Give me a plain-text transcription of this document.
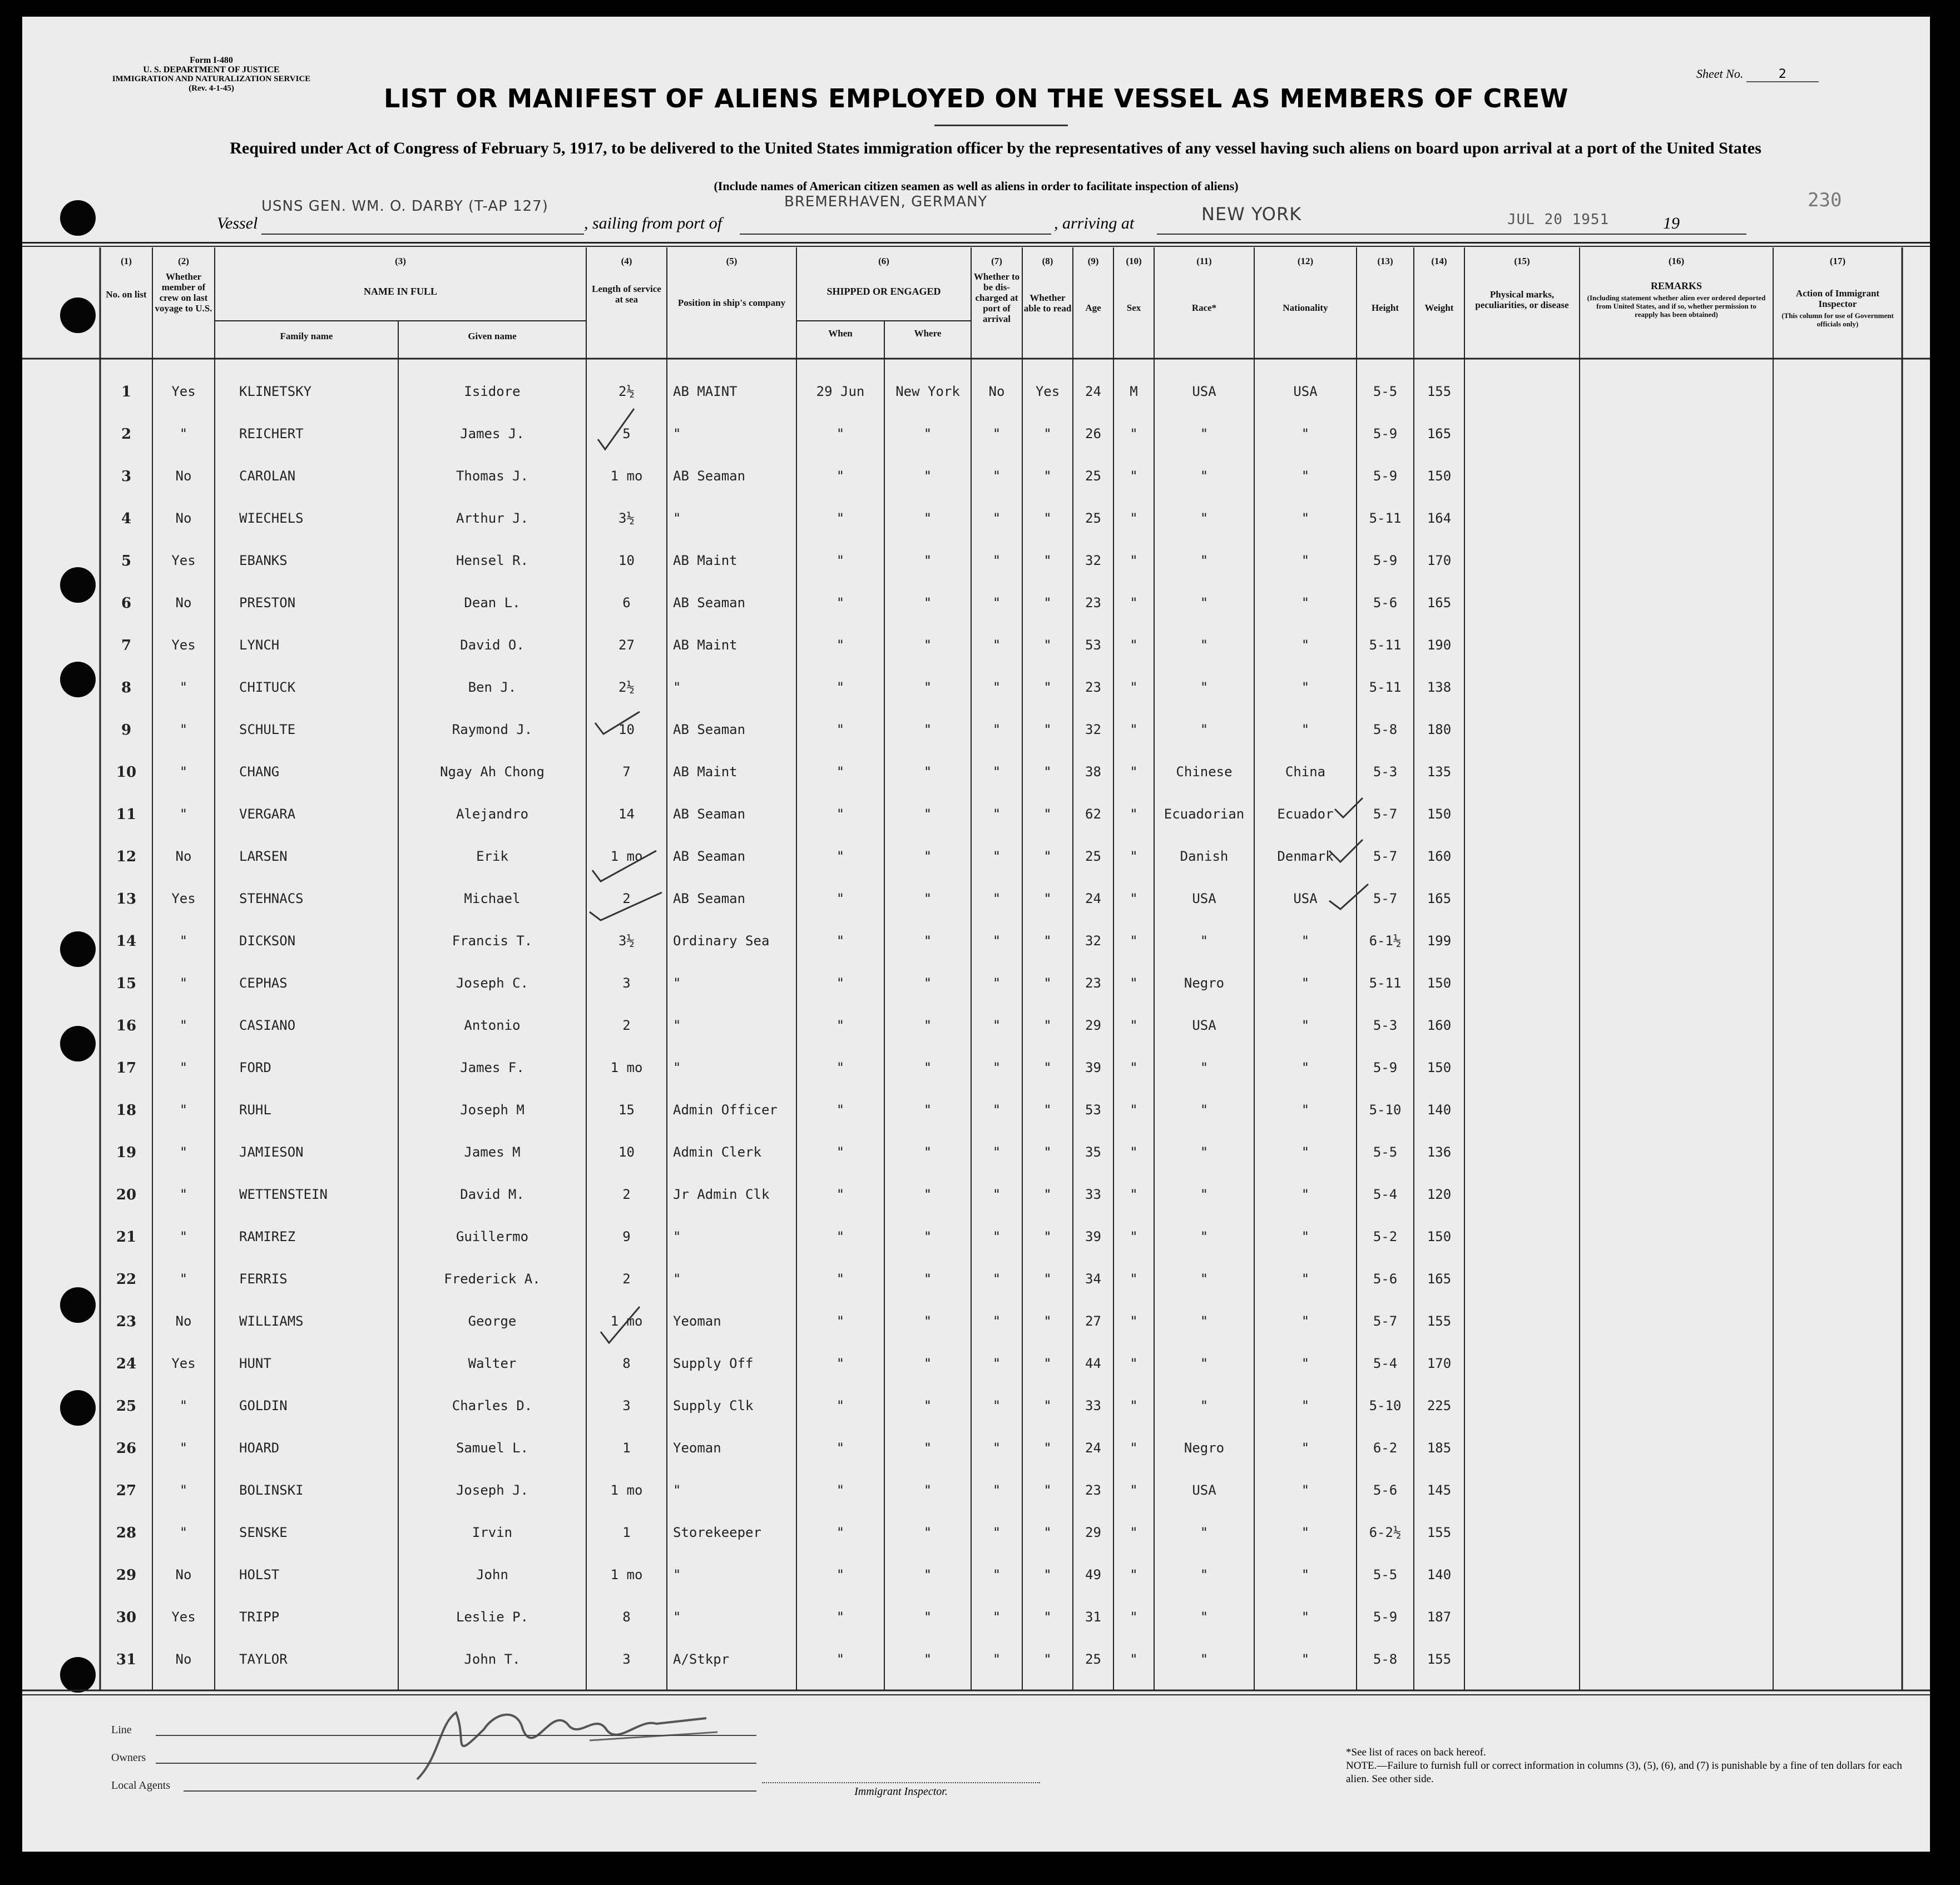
Form I-480
U. S. DEPARTMENT OF JUSTICE
IMMIGRATION AND NATURALIZATION SERVICE
(Rev. 4-1-45)
Sheet No.	2
LIST OR MANIFEST OF ALIENS EMPLOYED ON THE VESSEL AS MEMBERS OF CREW
Required under Act of Congress of February 5, 1917, to be delivered to the United States immigration officer by the representatives of any vessel having such aliens on board upon arrival at a port of the United States
(Include names of American citizen seamen as well as aliens in order to facilitate inspection of aliens)
230
Vessel
USNS GEN. WM. O. DARBY (T-AP 127)
, sailing from port of
BREMERHAVEN, GERMANY
, arriving at	NEW YORK	JUL 20 1951	19
(1)
No. on list
(2)
Whether member of crew on last voyage to U.S.
(3)
NAME IN FULL
Family name	Given name
(4)
Length of service at sea
(5)
Position in ship's company
(6)
SHIPPED OR ENGAGED
When	Where
(7)
Whether to be dis- charged at port of arrival
(8)
Whether able to read
(9)
Age
(10)
Sex
(11)
Race*
(12)
Nationality
(13)
Height
(14)
Weight
(15)
Physical marks, peculiarities, or disease
(16)
REMARKS
(Including statement whether alien ever ordered deported from United States, and if so, whether permission to reapply has been obtained)
(17)
Action of Immigrant Inspector
(This column for use of Government officials only)
1	Yes	KLINETSKY	Isidore	2½	AB MAINT	29 Jun	New York	No	Yes	24	M	USA	USA	5-5	155
2	"	REICHERT	James J.	5	"	"	"	"	"	26	"	"	"	5-9	165
3	No	CAROLAN	Thomas J.	1 mo	AB Seaman	"	"	"	"	25	"	"	"	5-9	150
4	No	WIECHELS	Arthur J.	3½	"	"	"	"	"	25	"	"	"	5-11	164
5	Yes	EBANKS	Hensel R.	10	AB Maint	"	"	"	"	32	"	"	"	5-9	170
6	No	PRESTON	Dean L.	6	AB Seaman	"	"	"	"	23	"	"	"	5-6	165
7	Yes	LYNCH	David O.	27	AB Maint	"	"	"	"	53	"	"	"	5-11	190
8	"	CHITUCK	Ben J.	2½	"	"	"	"	"	23	"	"	"	5-11	138
9	"	SCHULTE	Raymond J.	10	AB Seaman	"	"	"	"	32	"	"	"	5-8	180
10	"	CHANG	Ngay Ah Chong	7	AB Maint	"	"	"	"	38	"	Chinese	China	5-3	135
11	"	VERGARA	Alejandro	14	AB Seaman	"	"	"	"	62	"	Ecuadorian	Ecuador	5-7	150
12	No	LARSEN	Erik	1 mo	AB Seaman	"	"	"	"	25	"	Danish	Denmark	5-7	160
13	Yes	STEHNACS	Michael	2	AB Seaman	"	"	"	"	24	"	USA	USA	5-7	165
14	"	DICKSON	Francis T.	3½	Ordinary Sea	"	"	"	"	32	"	"	"	6-1½	199
15	"	CEPHAS	Joseph C.	3	"	"	"	"	"	23	"	Negro	"	5-11	150
16	"	CASIANO	Antonio	2	"	"	"	"	"	29	"	USA	"	5-3	160
17	"	FORD	James F.	1 mo	"	"	"	"	"	39	"	"	"	5-9	150
18	"	RUHL	Joseph M	15	Admin Officer	"	"	"	"	53	"	"	"	5-10	140
19	"	JAMIESON	James M	10	Admin Clerk	"	"	"	"	35	"	"	"	5-5	136
20	"	WETTENSTEIN	David M.	2	Jr Admin Clk	"	"	"	"	33	"	"	"	5-4	120
21	"	RAMIREZ	Guillermo	9	"	"	"	"	"	39	"	"	"	5-2	150
22	"	FERRIS	Frederick A.	2	"	"	"	"	"	34	"	"	"	5-6	165
23	No	WILLIAMS	George	1 mo	Yeoman	"	"	"	"	27	"	"	"	5-7	155
24	Yes	HUNT	Walter	8	Supply Off	"	"	"	"	44	"	"	"	5-4	170
25	"	GOLDIN	Charles D.	3	Supply Clk	"	"	"	"	33	"	"	"	5-10	225
26	"	HOARD	Samuel L.	1	Yeoman	"	"	"	"	24	"	Negro	"	6-2	185
27	"	BOLINSKI	Joseph J.	1 mo	"	"	"	"	"	23	"	USA	"	5-6	145
28	"	SENSKE	Irvin	1	Storekeeper	"	"	"	"	29	"	"	"	6-2½	155
29	No	HOLST	John	1 mo	"	"	"	"	"	49	"	"	"	5-5	140
30	Yes	TRIPP	Leslie P.	8	"	"	"	"	"	31	"	"	"	5-9	187
31	No	TAYLOR	John T.	3	A/Stkpr	"	"	"	"	25	"	"	"	5-8	155
Line
Owners
Local Agents	Immigrant Inspector.
*See list of races on back hereof.
NOTE.—Failure to furnish full or correct information in columns (3), (5), (6), and (7) is punishable by a fine of ten dollars for each alien. See other side.
